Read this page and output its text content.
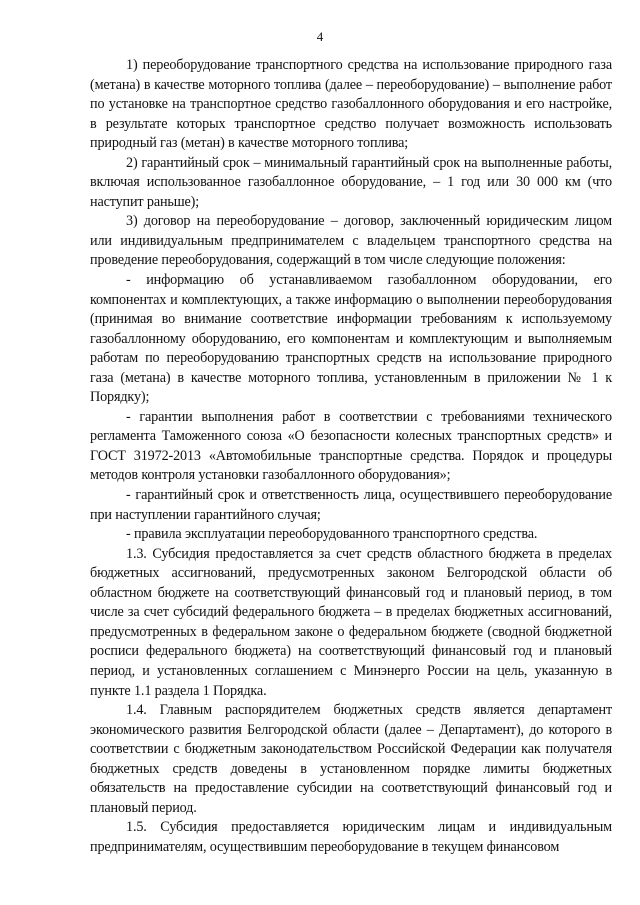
4

1) переоборудование транспортного средства на использование природного газа (метана) в качестве моторного топлива (далее – переоборудование) – выполнение работ по установке на транспортное средство газобаллонного оборудования и его настройке, в результате которых транспортное средство получает возможность использовать природный газ (метан) в качестве моторного топлива;

2) гарантийный срок – минимальный гарантийный срок на выполненные работы, включая использованное газобаллонное оборудование, – 1 год или 30 000 км (что наступит раньше);

3) договор на переоборудование – договор, заключенный юридическим лицом или индивидуальным предпринимателем с владельцем транспортного средства на проведение переоборудования, содержащий в том числе следующие положения:

- информацию об устанавливаемом газобаллонном оборудовании, его компонентах и комплектующих, а также информацию о выполнении переоборудования (принимая во внимание соответствие информации требованиям к используемому газобаллонному оборудованию, его компонентам и комплектующим и выполняемым работам по переоборудованию транспортных средств на использование природного газа (метана) в качестве моторного топлива, установленным в приложении № 1 к Порядку);

- гарантии выполнения работ в соответствии с требованиями технического регламента Таможенного союза «О безопасности колесных транспортных средств» и ГОСТ 31972-2013 «Автомобильные транспортные средства. Порядок и процедуры методов контроля установки газобаллонного оборудования»;

- гарантийный срок и ответственность лица, осуществившего переоборудование при наступлении гарантийного случая;

- правила эксплуатации переоборудованного транспортного средства.

1.3. Субсидия предоставляется за счет средств областного бюджета в пределах бюджетных ассигнований, предусмотренных законом Белгородской области об областном бюджете на соответствующий финансовый год и плановый период, в том числе за счет субсидий федерального бюджета – в пределах бюджетных ассигнований, предусмотренных в федеральном законе о федеральном бюджете (сводной бюджетной росписи федерального бюджета) на соответствующий финансовый год и плановый период, и установленных соглашением с Минэнерго России на цель, указанную в пункте 1.1 раздела 1 Порядка.

1.4. Главным распорядителем бюджетных средств является департамент экономического развития Белгородской области (далее – Департамент), до которого в соответствии с бюджетным законодательством Российской Федерации как получателя бюджетных средств доведены в установленном порядке лимиты бюджетных обязательств на предоставление субсидии на соответствующий финансовый год и плановый период.

1.5. Субсидия предоставляется юридическим лицам и индивидуальным предпринимателям, осуществившим переоборудование в текущем финансовом
